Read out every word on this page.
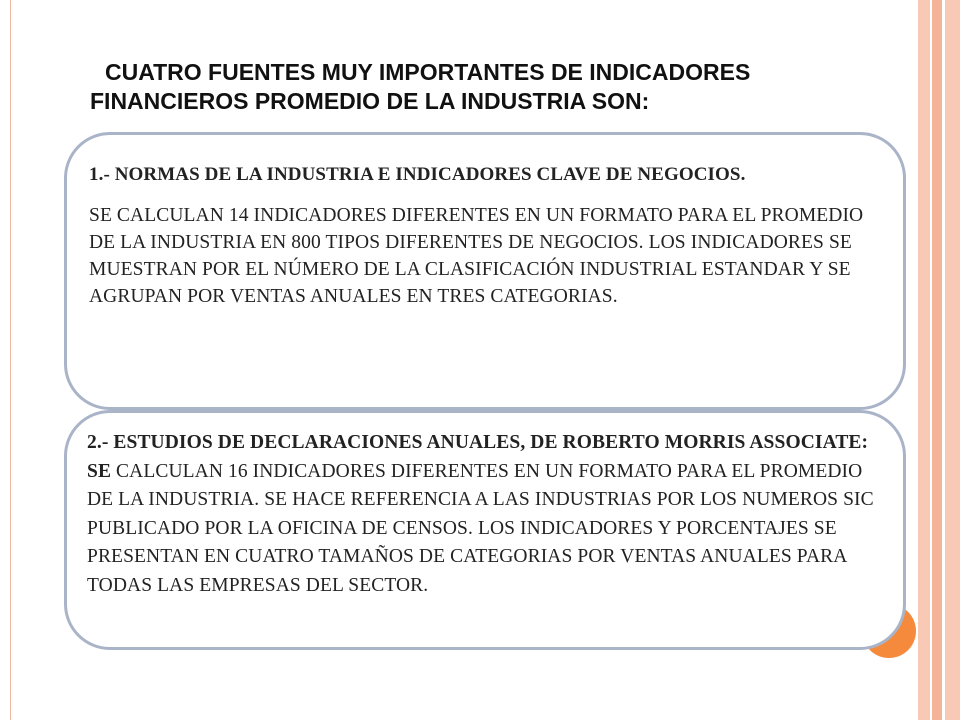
CUATRO FUENTES MUY IMPORTANTES DE INDICADORES
FINANCIEROS PROMEDIO DE LA INDUSTRIA SON:

1.- NORMAS DE LA INDUSTRIA E INDICADORES CLAVE DE NEGOCIOS.

SE CALCULAN 14 INDICADORES DIFERENTES EN UN FORMATO PARA EL PROMEDIO DE LA INDUSTRIA EN 800 TIPOS DIFERENTES DE NEGOCIOS. LOS INDICADORES SE MUESTRAN POR EL NÚMERO DE LA CLASIFICACIÓN INDUSTRIAL ESTANDAR Y SE AGRUPAN POR VENTAS ANUALES EN TRES CATEGORIAS.

2.- ESTUDIOS DE DECLARACIONES ANUALES, DE ROBERTO MORRIS ASSOCIATE: SE CALCULAN 16 INDICADORES DIFERENTES EN UN FORMATO PARA EL PROMEDIO DE LA INDUSTRIA. SE HACE REFERENCIA A LAS INDUSTRIAS POR LOS NUMEROS SIC PUBLICADO POR LA OFICINA DE CENSOS. LOS INDICADORES Y PORCENTAJES SE PRESENTAN EN CUATRO TAMAÑOS DE CATEGORIAS POR VENTAS ANUALES PARA TODAS LAS EMPRESAS DEL SECTOR.
